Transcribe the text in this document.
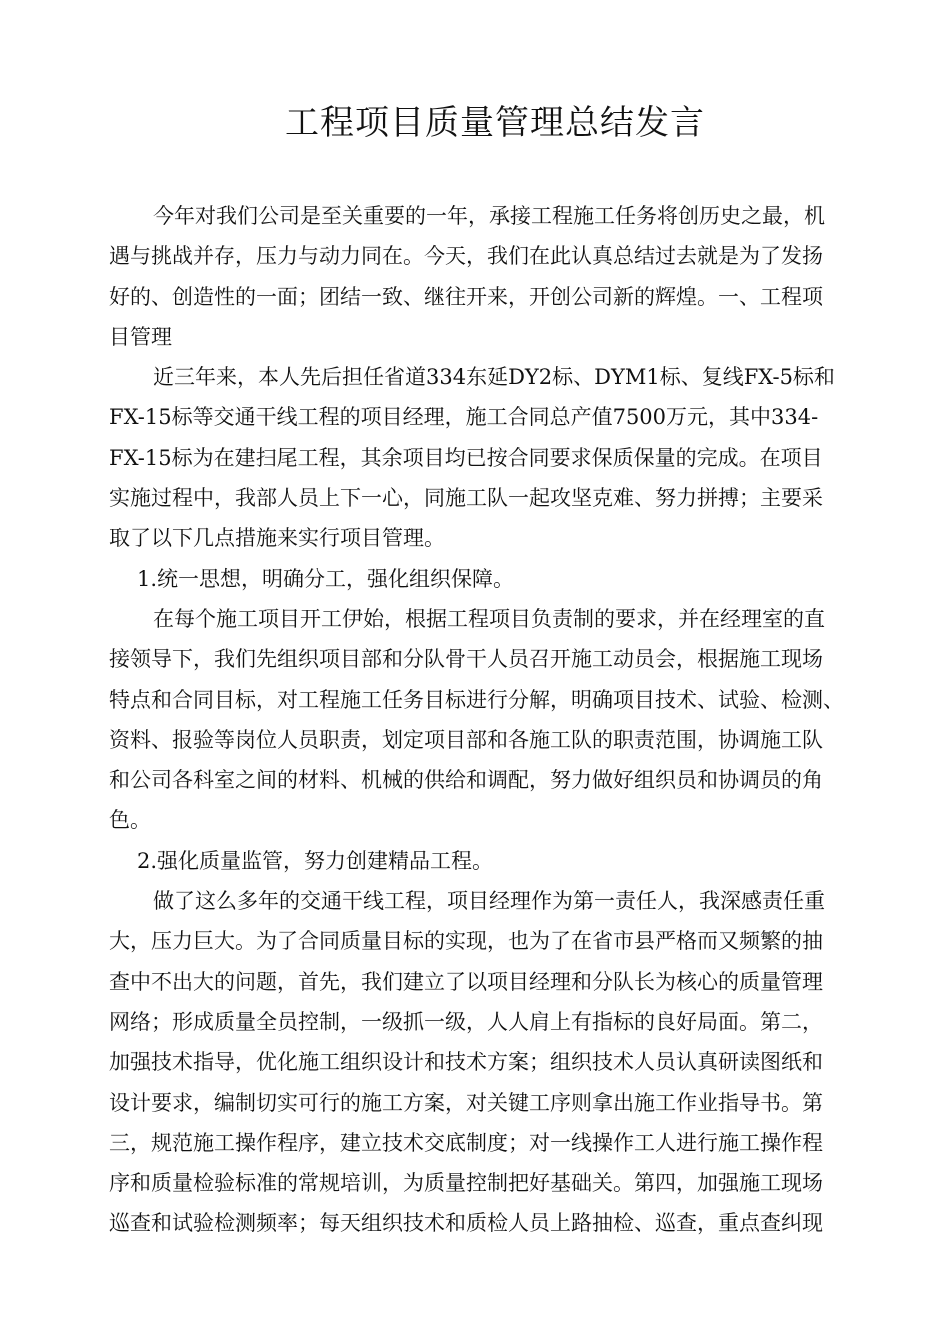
工程项目质量管理总结发言
今年对我们公司是至关重要的一年，承接工程施工任务将创历史之最，机
遇与挑战并存，压力与动力同在。今天，我们在此认真总结过去就是为了发扬
好的、创造性的一面；团结一致、继往开来，开创公司新的辉煌。一、工程项
目管理
近三年来，本人先后担任省道334东延DY2标、DYM1标、复线FX-5标和
FX-15标等交通干线工程的项目经理，施工合同总产值7500万元，其中334-
FX-15标为在建扫尾工程，其余项目均已按合同要求保质保量的完成。在项目
实施过程中，我部人员上下一心，同施工队一起攻坚克难、努力拼搏；主要采
取了以下几点措施来实行项目管理。
1.统一思想，明确分工，强化组织保障。
在每个施工项目开工伊始，根据工程项目负责制的要求，并在经理室的直
接领导下，我们先组织项目部和分队骨干人员召开施工动员会，根据施工现场
特点和合同目标，对工程施工任务目标进行分解，明确项目技术、试验、检测、
资料、报验等岗位人员职责，划定项目部和各施工队的职责范围，协调施工队
和公司各科室之间的材料、机械的供给和调配，努力做好组织员和协调员的角
色。
2.强化质量监管，努力创建精品工程。
做了这么多年的交通干线工程，项目经理作为第一责任人，我深感责任重
大，压力巨大。为了合同质量目标的实现，也为了在省市县严格而又频繁的抽
查中不出大的问题，首先，我们建立了以项目经理和分队长为核心的质量管理
网络；形成质量全员控制，一级抓一级，人人肩上有指标的良好局面。第二，
加强技术指导，优化施工组织设计和技术方案；组织技术人员认真研读图纸和
设计要求，编制切实可行的施工方案，对关键工序则拿出施工作业指导书。第
三，规范施工操作程序，建立技术交底制度；对一线操作工人进行施工操作程
序和质量检验标准的常规培训，为质量控制把好基础关。第四，加强施工现场
巡查和试验检测频率；每天组织技术和质检人员上路抽检、巡查，重点查纠现
